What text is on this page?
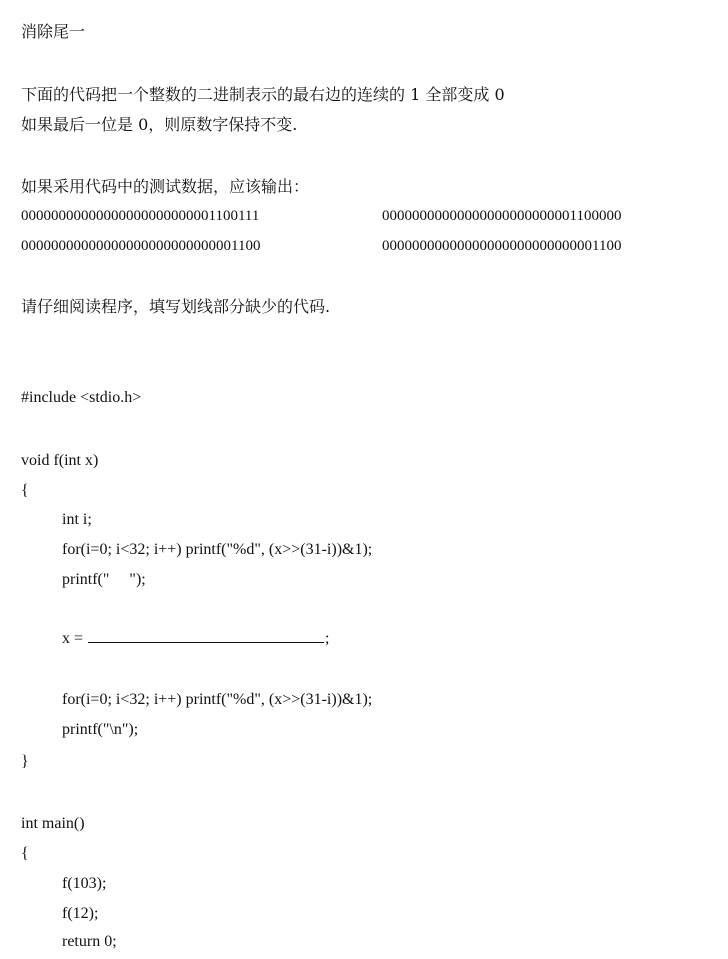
消除尾一
下面的代码把一个整数的二进制表示的最右边的连续的 1 全部变成 0
如果最后一位是 0，则原数字保持不变.
如果采用代码中的测试数据，应该输出：
00000000000000000000000001100111	00000000000000000000000001100000
00000000000000000000000000001100	00000000000000000000000000001100
请仔细阅读程序，填写划线部分缺少的代码.
#include <stdio.h>
void f(int x)
{
int i;
for(i=0; i<32; i++) printf("%d", (x>>(31-i))&1);
printf("     ");
x =	;
for(i=0; i<32; i++) printf("%d", (x>>(31-i))&1);
printf("\n");
}
int main()
{
f(103);
f(12);
return 0;
